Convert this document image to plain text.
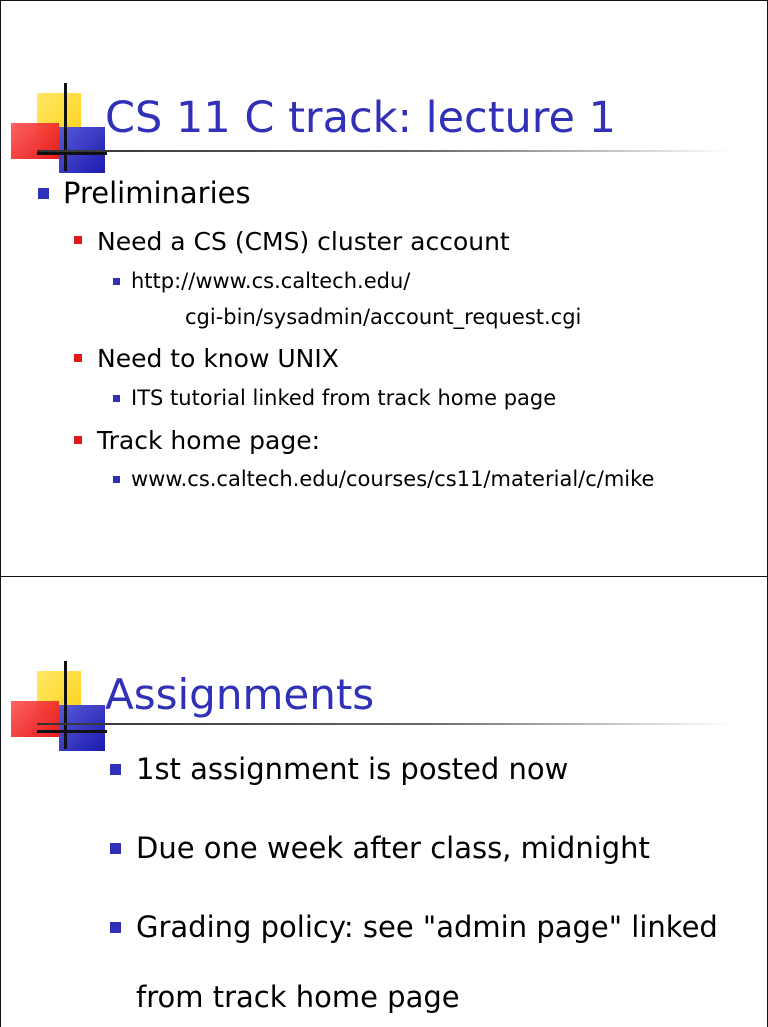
CS 11 C track: lecture 1
Preliminaries
Need a CS (CMS) cluster account
http://www.cs.caltech.edu/
cgi-bin/sysadmin/account_request.cgi
Need to know UNIX
ITS tutorial linked from track home page
Track home page:
www.cs.caltech.edu/courses/cs11/material/c/mike
Assignments
1st assignment is posted now
Due one week after class, midnight
Grading policy: see "admin page" linked
from track home page
